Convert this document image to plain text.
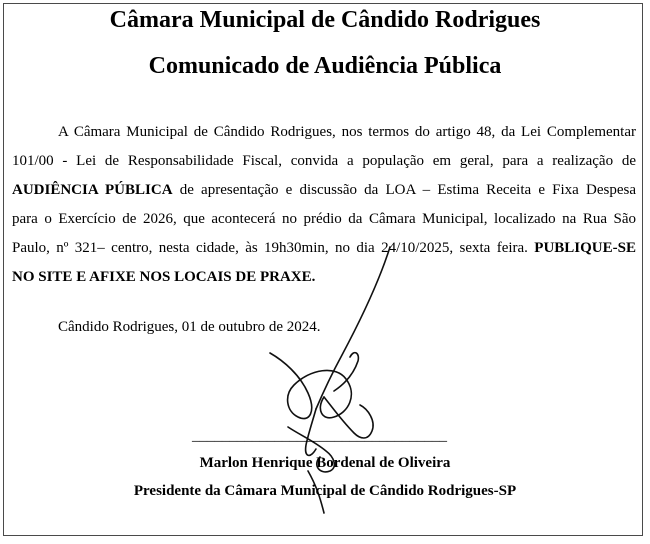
Câmara Municipal de Cândido Rodrigues
Comunicado de Audiência Pública
A Câmara Municipal de Cândido Rodrigues, nos termos do artigo 48, da Lei Complementar
101/00 - Lei de Responsabilidade Fiscal, convida a população em geral, para a realização de
AUDIÊNCIA PÚBLICA de apresentação e discussão da LOA – Estima Receita e Fixa Despesa
para o Exercício de 2026, que acontecerá no prédio da Câmara Municipal, localizado na Rua São
Paulo, nº 321– centro, nesta cidade, às 19h30min, no dia 24/10/2025, sexta feira. PUBLIQUE-SE
NO SITE E AFIXE NOS LOCAIS DE PRAXE.
Cândido Rodrigues, 01 de outubro de 2024.
__________________________________
Marlon Henrique Bordenal de Oliveira
Presidente da Câmara Municipal de Cândido Rodrigues-SP
